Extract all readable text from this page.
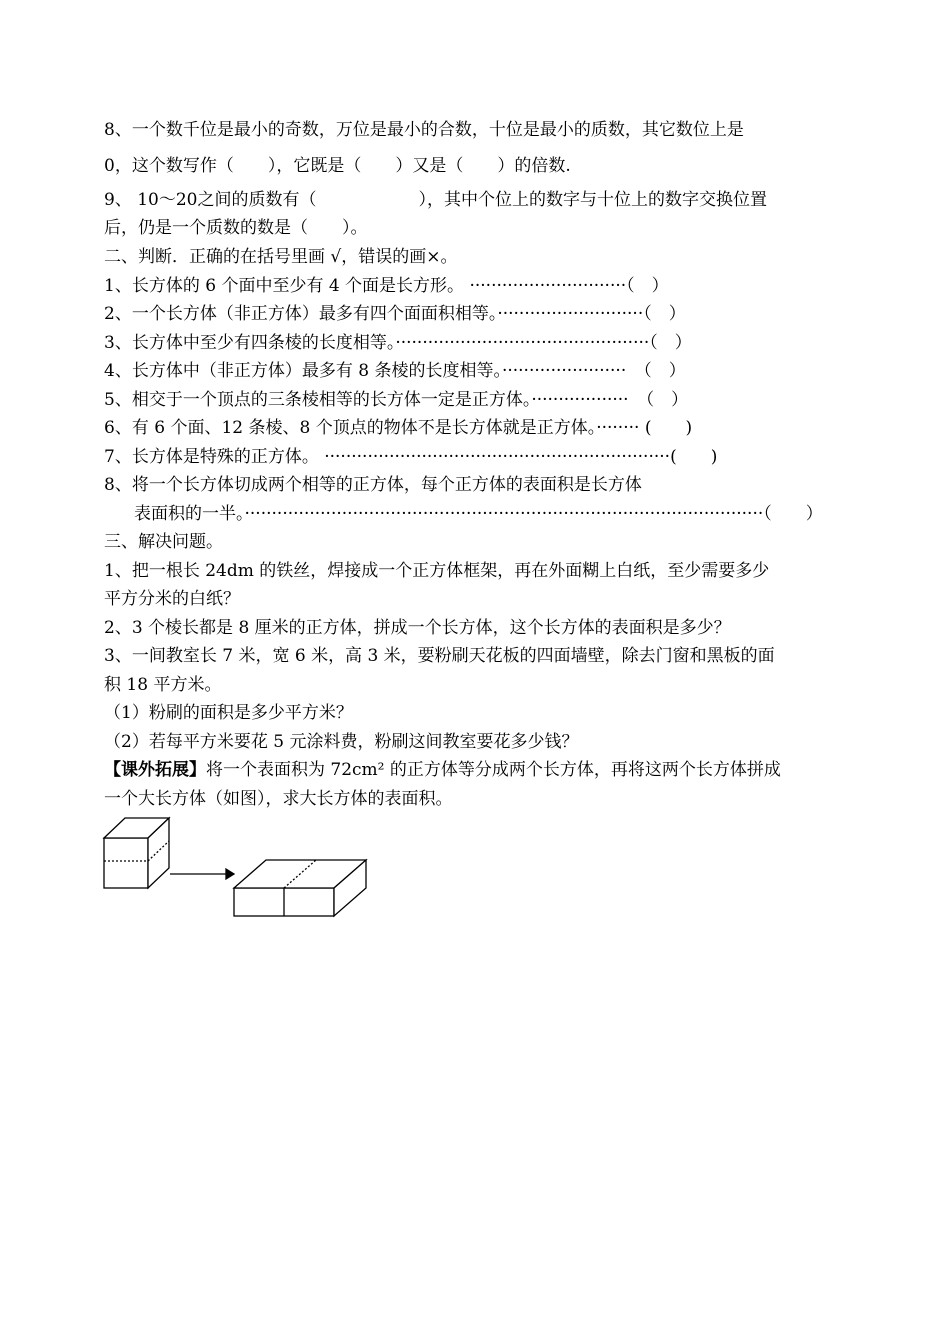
8、一个数千位是最小的奇数，万位是最小的合数，十位是最小的质数，其它数位上是
0，这个数写作（　　），它既是（　　）又是（　　）的倍数.
9、 10～20之间的质数有（　　　　　　），其中个位上的数字与十位上的数字交换位置
后，仍是一个质数的数是（　　）。
二、判断．正确的在括号里画 √，错误的画×。
1、长方体的 6 个面中至少有 4 个面是长方形。 ·····························（　）
2、一个长方体（非正方体）最多有四个面面积相等。···························（　）
3、长方体中至少有四条棱的长度相等。···············································（　）
4、长方体中（非正方体）最多有 8 条棱的长度相等。·······················　（　）
5、相交于一个顶点的三条棱相等的长方体一定是正方体。··················　（　）
6、有 6 个面、12 条棱、8 个顶点的物体不是长方体就是正方体。········ (　　)
7、长方体是特殊的正方体。 ································································(　　)
8、将一个长方体切成两个相等的正方体，每个正方体的表面积是长方体
表面积的一半。································································································（　　）
三、解决问题。
1、把一根长 24dm 的铁丝，焊接成一个正方体框架，再在外面糊上白纸，至少需要多少
平方分米的白纸？
2、3 个棱长都是 8 厘米的正方体，拼成一个长方体，这个长方体的表面积是多少？
3、一间教室长 7 米，宽 6 米，高 3 米，要粉刷天花板的四面墙壁，除去门窗和黑板的面
积 18 平方米。
（1）粉刷的面积是多少平方米？
（2）若每平方米要花 5 元涂料费，粉刷这间教室要花多少钱？
【课外拓展】将一个表面积为 72cm² 的正方体等分成两个长方体，再将这两个长方体拼成
一个大长方体（如图），求大长方体的表面积。
